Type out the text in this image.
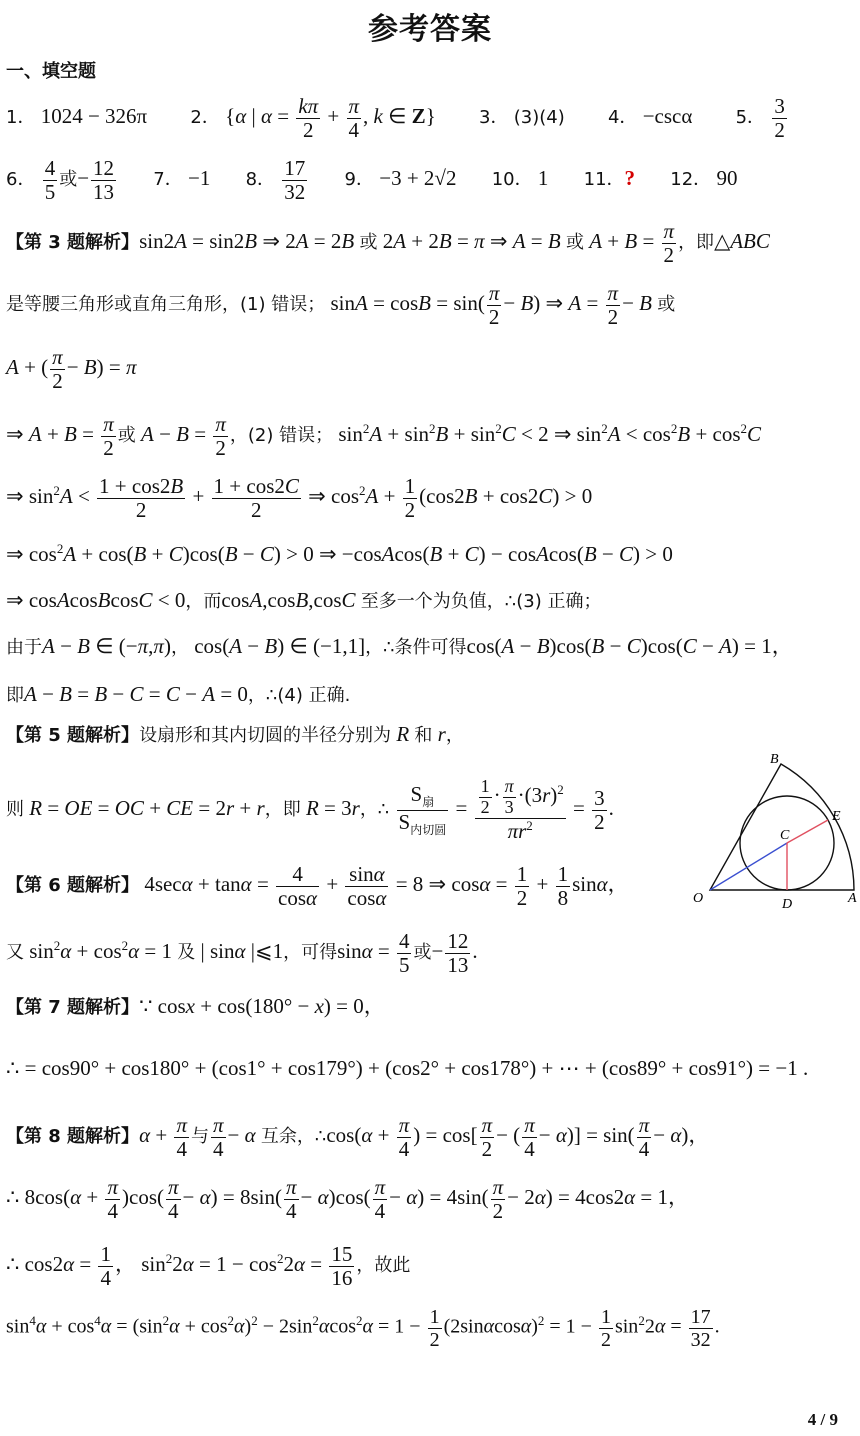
参考答案
一、填空题
1． 1024 − 326π 2． {α | $\alpha = \frac{k\pi}{2} + \frac{\pi}{4}$ , k ∈ Z} 3． (3)(4) 4． −cscα 5． $\frac{3}{2}$
6． $\frac{4}{5}$ 或− $\frac{12}{13} 7$． −1 8． $\frac{17}{32} 9$． −3 + 2√2 10． 1 11．? 12． 90
【第 3 题解析】sin2A = sin2B ⇒ 2A = 2B 或 2A + 2B = π ⇒ A = B 或 $A + B = \frac{\pi}{2}$ ，即△ABC
是等腰三角形或直角三角形，(1) 错误； $\sin A = \cos B = \sin( \frac{\pi}{2} - B)$ ⇒ $A = \frac{\pi}{2} - B$ 或
A + ( $\frac{\pi}{2} - B) = \pi$
⇒ $A + B = \frac{\pi}{2}$ 或 $A - B = \frac{\pi}{2}$ ，(2) 错误； $\sin^2A + \sin^2B + \sin^2C < 2$ ⇒ $\sin^2A < \cos^2B + \cos^2C$
⇒ $\sin^2A < \frac{1 + \cos 2B}{2} + \frac{1 + \cos 2C}{2}$ ⇒ $\cos^2A + \frac{1}{2} (\cos 2B + \cos 2C) > 0$
⇒ $\cos^2A + \cos(B + C)\cos(B - C) > 0$ ⇒ −cosAcos(B + C) − cosAcos(B − C) > 0
⇒ cosAcosBcosC < 0，而cosA,cosB,cosC 至多一个为负值，∴(3) 正确；
由于A − B ∈ (−π,π)， cos(A − B) ∈ (−1,1]，∴条件可得cos(A − B)cos(B − C)cos(C − A) = 1，
即A − B = B − C = C − A = 0，∴(4) 正确.
【第 5 题解析】设扇形和其内切圆的半径分别为 R 和 r，
则 R = OE = OC + CE = 2r + r，即 R = 3r，∴ $\frac{S_扇}{S_{内切圆}} = \frac{\frac{1}{2} \cdot \frac{\pi}{3} \cdot(3r)^2}{\pi r^2} = \frac{3}{2}$ .
B
E
C
O	D	A
【第 6 题解析】 $4\sec\alpha + \tan\alpha = \frac{4}{\cos\alpha} + \frac{\sin\alpha}{\cos\alpha} = 8$ ⇒ $\cos\alpha = \frac{1}{2} + \frac{1}{8}$ sinα，
又 $\sin^2\alpha + \cos^2\alpha = 1$ 及 | sinα |⩽1，可得$\sin\alpha = \frac{4}{5}$ 或− $\frac{12}{13}$ .
【第 7 题解析】∵ cosx + cos(180° − x) = 0，
∴ = cos90° + cos180° + (cos1° + cos179°) + (cos2° + cos178°) + ⋯ + (cos89° + cos91°) = −1 .
【第 8 题解析】$\alpha + \frac{\pi}{4}$ 与 $\frac{\pi}{4} - \alpha$ 互余，∴cos(α + $\frac{\pi}{4}$ ) = $\cos[ \frac{\pi}{2}$ − ( $\frac{\pi}{4} - \alpha)] = \sin( \frac{\pi}{4} - \alpha)$，
∴ $8\cos(\alpha + \frac{\pi}{4} )\cos( \frac{\pi}{4} - \alpha) = 8\sin( \frac{\pi}{4} - \alpha)\cos( \frac{\pi}{4} - \alpha) = 4\sin( \frac{\pi}{2} - 2\alpha) = 4\cos 2\alpha = 1$，
∴ $\cos 2\alpha = \frac{1}{4}$ ， $\sin^22\alpha = 1 - \cos^22\alpha = \frac{15}{16}$ ，故此
$\sin^4\alpha + \cos^4\alpha = (\sin^2\alpha + \cos^2\alpha)^2 - 2\sin^2\alpha\cos^2\alpha = 1 - \frac{1}{2} (2\sin\alpha\cos\alpha)^2 = 1 - \frac{1}{2} \sin^22\alpha = \frac{17}{32}$ .
4 / 9
